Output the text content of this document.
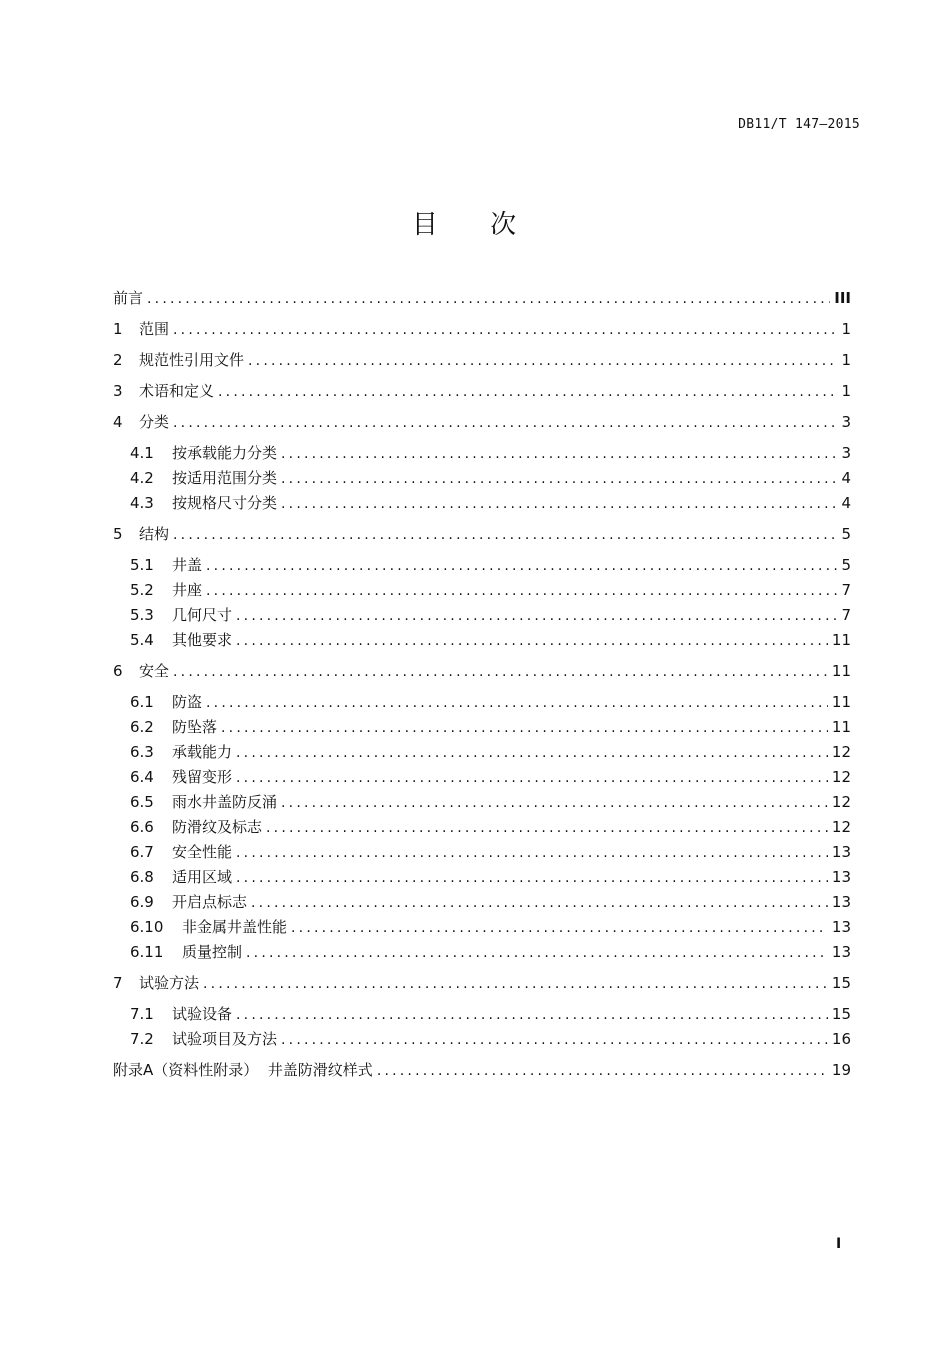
DB11/T 147—2015
目 次
前言 .....	III
1	范围 .....	1
2	规范性引用文件 .....	1
3	术语和定义 .....	1
4	分类 .....	3
4.1	按承载能力分类 .....	3
4.2	按适用范围分类 .....	4
4.3	按规格尺寸分类 .....	4
5	结构 .....	5
5.1	井盖 .....	5
5.2	井座 .....	7
5.3	几何尺寸 .....	7
5.4	其他要求 .....	11
6	安全 .....	11
6.1	防盗 .....	11
6.2	防坠落 .....	11
6.3	承载能力 .....	12
6.4	残留变形 .....	12
6.5	雨水井盖防反涌 .....	12
6.6	防滑纹及标志 .....	12
6.7	安全性能 .....	13
6.8	适用区域 .....	13
6.9	开启点标志 .....	13
6.10	非金属井盖性能 .....	13
6.11	质量控制 .....	13
7	试验方法 .....	15
7.1	试验设备 .....	15
7.2	试验项目及方法 .....	16
附录A（资料性附录）  井盖防滑纹样式 .....	19
I
